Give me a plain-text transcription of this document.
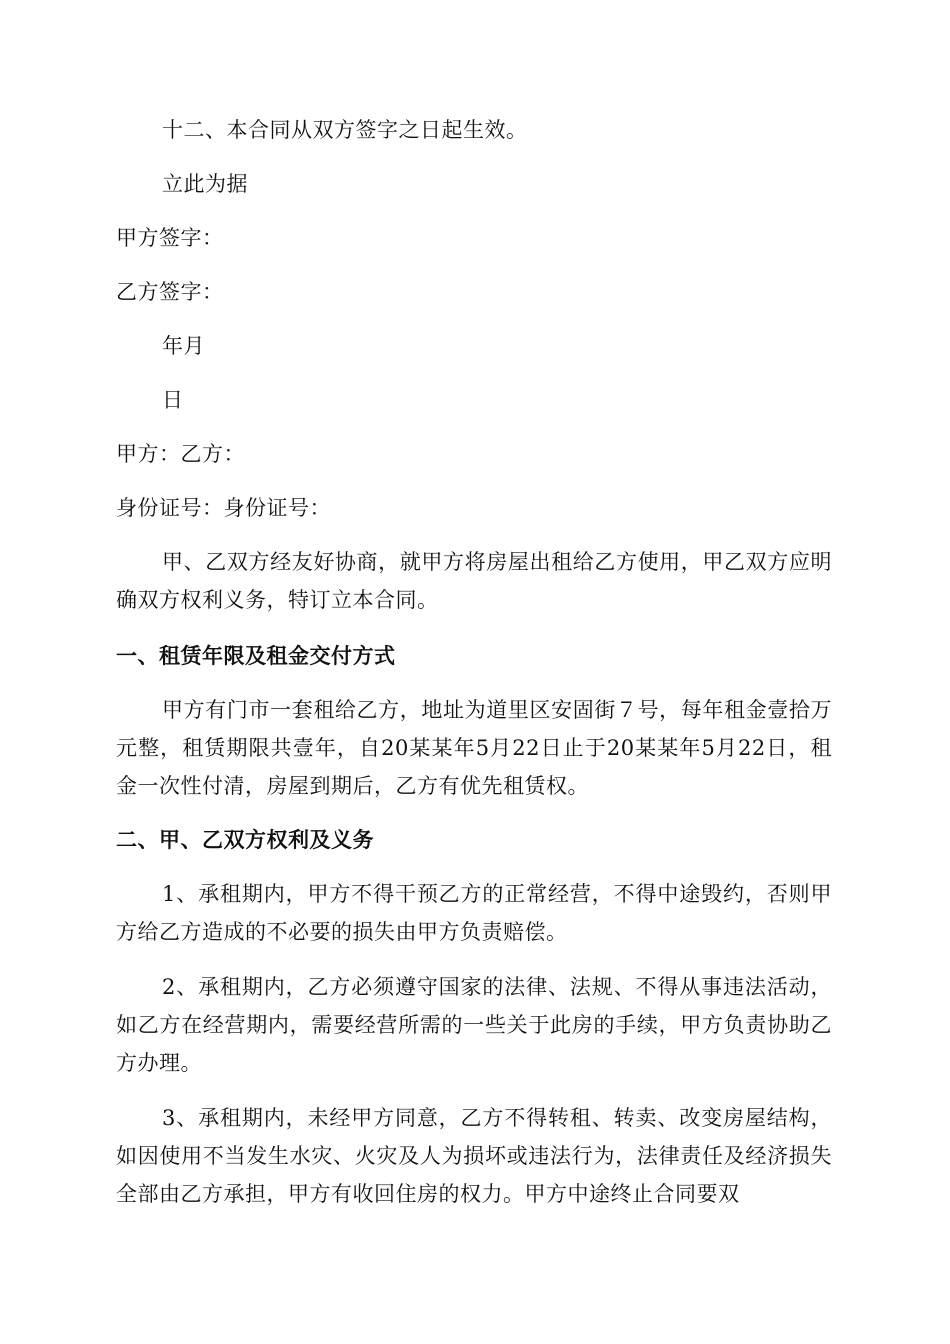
十二、本合同从双方签字之日起生效。
立此为据
甲方签字：
乙方签字：
年月
日
甲方：乙方：
身份证号：身份证号：
甲、乙双方经友好协商，就甲方将房屋出租给乙方使用，甲乙双方应明确双方权利义务，特订立本合同。
一、租赁年限及租金交付方式
甲方有门市一套租给乙方，地址为道里区安固街７号，每年租金壹拾万元整，租赁期限共壹年，自20某某年5月22日止于20某某年5月22日，租金一次性付清，房屋到期后，乙方有优先租赁权。
二、甲、乙双方权利及义务
1、承租期内，甲方不得干预乙方的正常经营，不得中途毁约，否则甲方给乙方造成的不必要的损失由甲方负责赔偿。
2、承租期内，乙方必须遵守国家的法律、法规、不得从事违法活动，如乙方在经营期内，需要经营所需的一些关于此房的手续，甲方负责协助乙方办理。
3、承租期内，未经甲方同意，乙方不得转租、转卖、改变房屋结构，如因使用不当发生水灾、火灾及人为损坏或违法行为，法律责任及经济损失全部由乙方承担，甲方有收回住房的权力。甲方中途终止合同要双
